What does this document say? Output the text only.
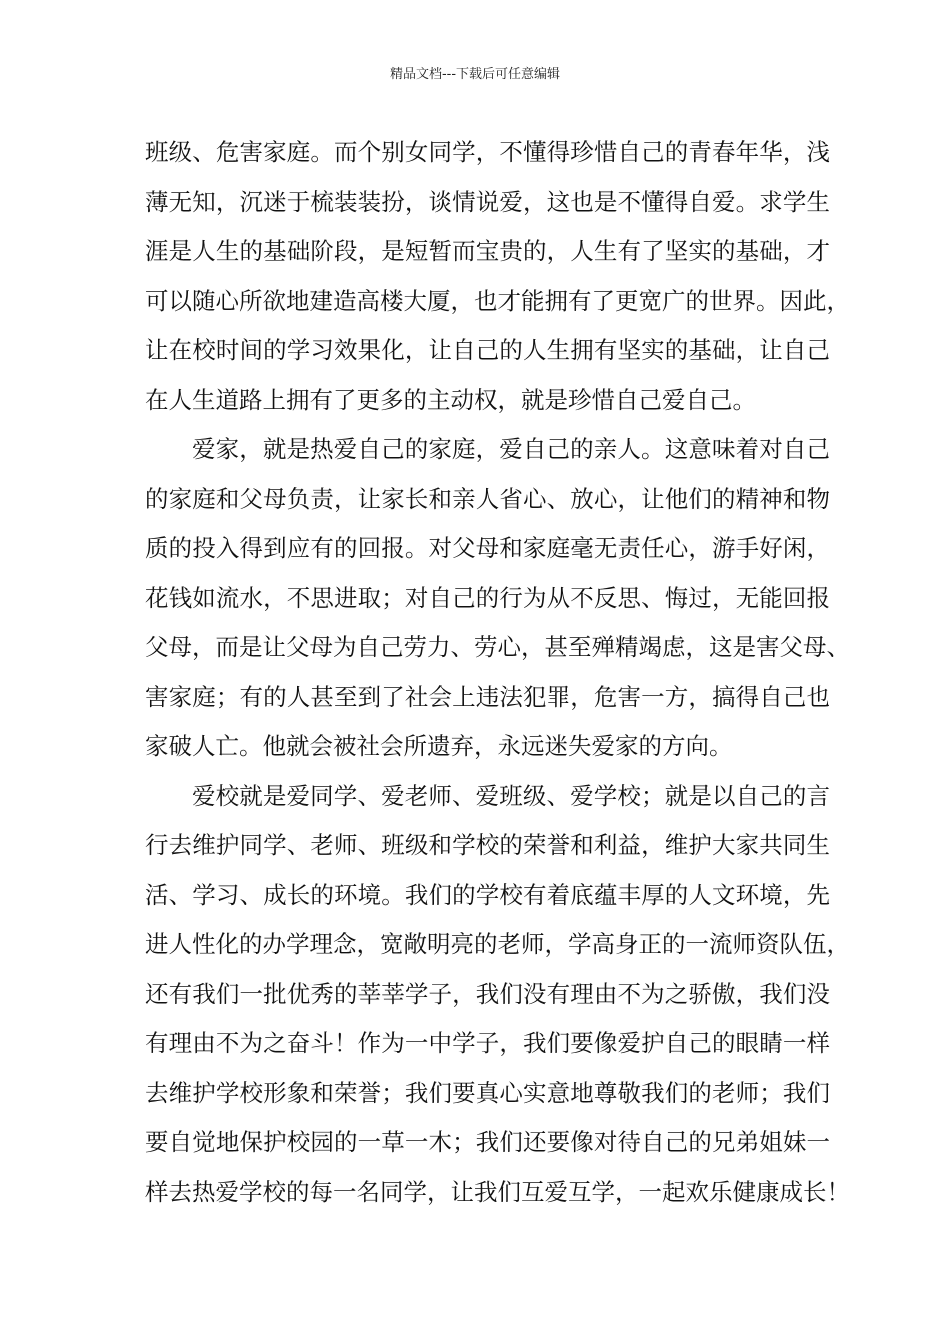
精品文档---下载后可任意编辑
班级、危害家庭。而个别女同学，不懂得珍惜自己的青春年华，浅
薄无知，沉迷于梳装装扮，谈情说爱，这也是不懂得自爱。求学生
涯是人生的基础阶段，是短暂而宝贵的，人生有了坚实的基础，才
可以随心所欲地建造高楼大厦，也才能拥有了更宽广的世界。因此，
让在校时间的学习效果化，让自己的人生拥有坚实的基础，让自己
在人生道路上拥有了更多的主动权，就是珍惜自己爱自己。
爱家，就是热爱自己的家庭，爱自己的亲人。这意味着对自己
的家庭和父母负责，让家长和亲人省心、放心，让他们的精神和物
质的投入得到应有的回报。对父母和家庭毫无责任心，游手好闲，
花钱如流水，不思进取；对自己的行为从不反思、悔过，无能回报
父母，而是让父母为自己劳力、劳心，甚至殚精竭虑，这是害父母、
害家庭；有的人甚至到了社会上违法犯罪，危害一方，搞得自己也
家破人亡。他就会被社会所遗弃，永远迷失爱家的方向。
爱校就是爱同学、爱老师、爱班级、爱学校；就是以自己的言
行去维护同学、老师、班级和学校的荣誉和利益，维护大家共同生
活、学习、成长的环境。我们的学校有着底蕴丰厚的人文环境，先
进人性化的办学理念，宽敞明亮的老师，学高身正的一流师资队伍，
还有我们一批优秀的莘莘学子，我们没有理由不为之骄傲，我们没
有理由不为之奋斗！作为一中学子，我们要像爱护自己的眼睛一样
去维护学校形象和荣誉；我们要真心实意地尊敬我们的老师；我们
要自觉地保护校园的一草一木；我们还要像对待自己的兄弟姐妹一
样去热爱学校的每一名同学，让我们互爱互学，一起欢乐健康成长！
